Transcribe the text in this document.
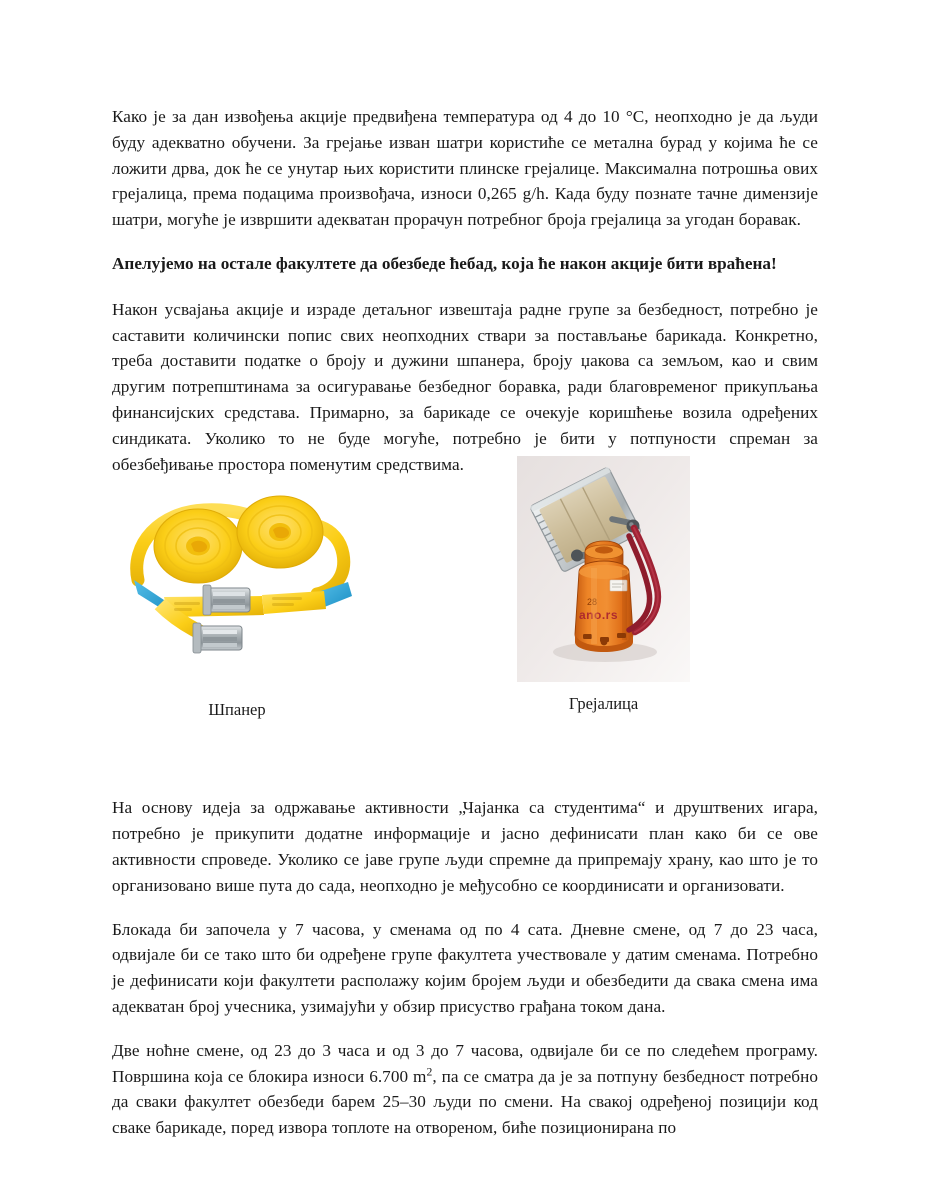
Како је за дан извођења акције предвиђена температура од 4 до 10 °C, неопходно је да људи буду адекватно обучени. За грејање изван шатри користиће се метална бурад у којима ће се ложити дрва, док ће се унутар њих користити плинске грејалице. Максимална потрошња ових грејалица, према подацима произвођача, износи 0,265 g/h. Када буду познате тачне димензије шатри, могуће је извршити адекватан прорачун потребног броја грејалица за угодан боравак.

Апелујемо на остале факултете да обезбеде ћебад, која ће након акције бити враћена!

Након усвајања акције и израде детаљног извештаја радне групе за безбедност, потребно је саставити количински попис свих неопходних ствари за постављање барикада. Конкретно, треба доставити податке о броју и дужини шпанера, броју џакова са земљом, као и свим другим потрепштинама за осигуравање безбедног боравка, ради благовременог прикупљања финансијских средстава. Примарно, за барикаде се очекује коришћење возила одређених синдиката. Уколико то не буде могуће, потребно је бити у потпуности спреман за обезбеђивање простора поменутим средствима.

Шпанер
28
ano.rs
Грејалица

На основу идеја за одржавање активности „Чајанка са студентима“ и друштвених игара, потребно је прикупити додатне информације и јасно дефинисати план како би се ове активности спроведе. Уколико се јаве групе људи спремне да припремају храну, као што је то организовано више пута до сада, неопходно је међусобно се координисати и организовати.

Блокада би започела у 7 часова, у сменама од по 4 сата. Дневне смене, од 7 до 23 часа, одвијале би се тако што би одређене групе факултета учествовале у датим сменама. Потребно је дефинисати који факултети располажу којим бројем људи и обезбедити да свака смена има адекватан број учесника, узимајући у обзир присуство грађана током дана.

Две ноћне смене, од 23 до 3 часа и од 3 до 7 часова, одвијале би се по следећем програму. Површина која се блокира износи 6.700 $m^2$, па се сматра да је за потпуну безбедност потребно да сваки факултет обезбеди барем 25–30 људи по смени. На свакој одређеној позицији код сваке барикаде, поред извора топлоте на отвореном, биће позиционирана по
